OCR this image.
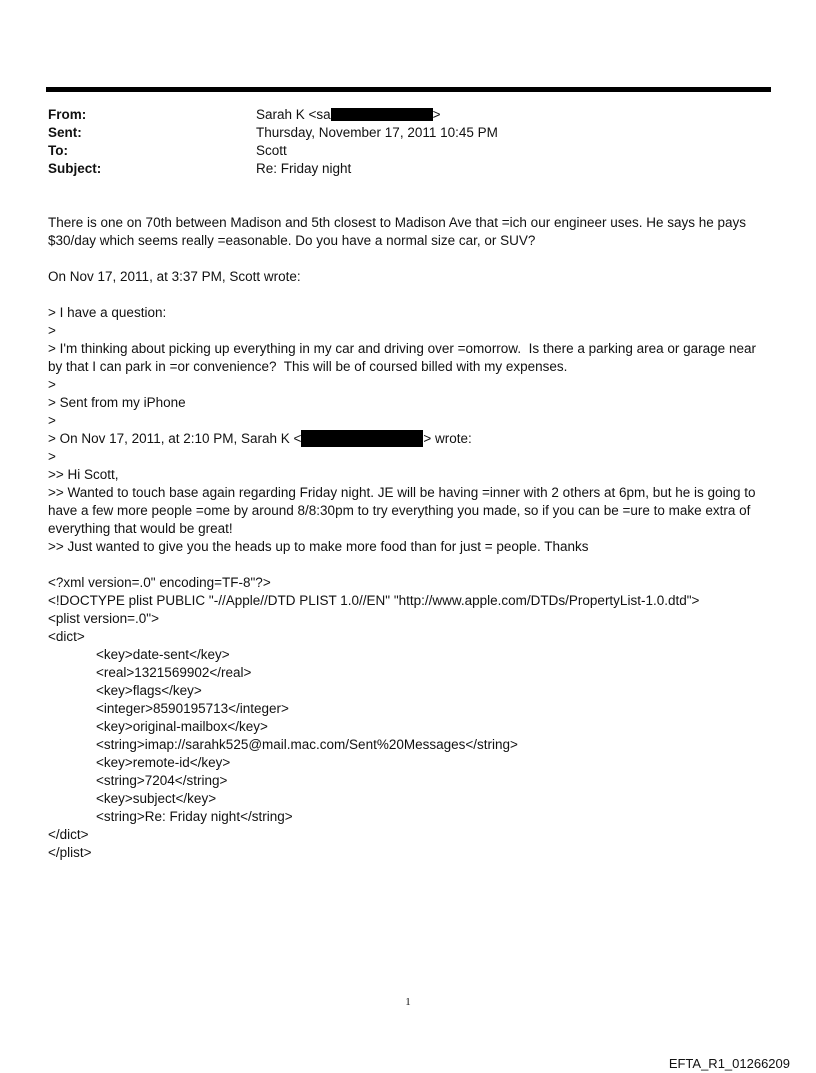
From:	Sarah K <sa	>
Sent:	Thursday, November 17, 2011 10:45 PM
To:	Scott
Subject:	Re: Friday night

There is one on 70th between Madison and 5th closest to Madison Ave that =ich our engineer uses. He says he pays $30/day which seems really =easonable. Do you have a normal size car, or SUV?

On Nov 17, 2011, at 3:37 PM, Scott wrote:

> I have a question:

>

> I'm thinking about picking up everything in my car and driving over =omorrow.  Is there a parking area or garage near by that I can park in =or convenience?  This will be of coursed billed with my expenses.

>

> Sent from my iPhone

>

> On Nov 17, 2011, at 2:10 PM, Sarah K <	> wrote:

>

>> Hi Scott,

>> Wanted to touch base again regarding Friday night. JE will be having =inner with 2 others at 6pm, but he is going to have a few more people =ome by around 8/8:30pm to try everything you made, so if you can be =ure to make extra of everything that would be great!

>> Just wanted to give you the heads up to make more food than for just = people. Thanks

<?xml version=.0" encoding=TF-8"?>

<!DOCTYPE plist PUBLIC "-//Apple//DTD PLIST 1.0//EN" "http://www.apple.com/DTDs/PropertyList-1.0.dtd">

<plist version=.0">

<dict>

<key>date-sent</key>

<real>1321569902</real>

<key>flags</key>

<integer>8590195713</integer>

<key>original-mailbox</key>

<string>imap://sarahk525@mail.mac.com/Sent%20Messages</string>

<key>remote-id</key>

<string>7204</string>

<key>subject</key>

<string>Re: Friday night</string>

</dict>

</plist>

1
EFTA_R1_01266209
